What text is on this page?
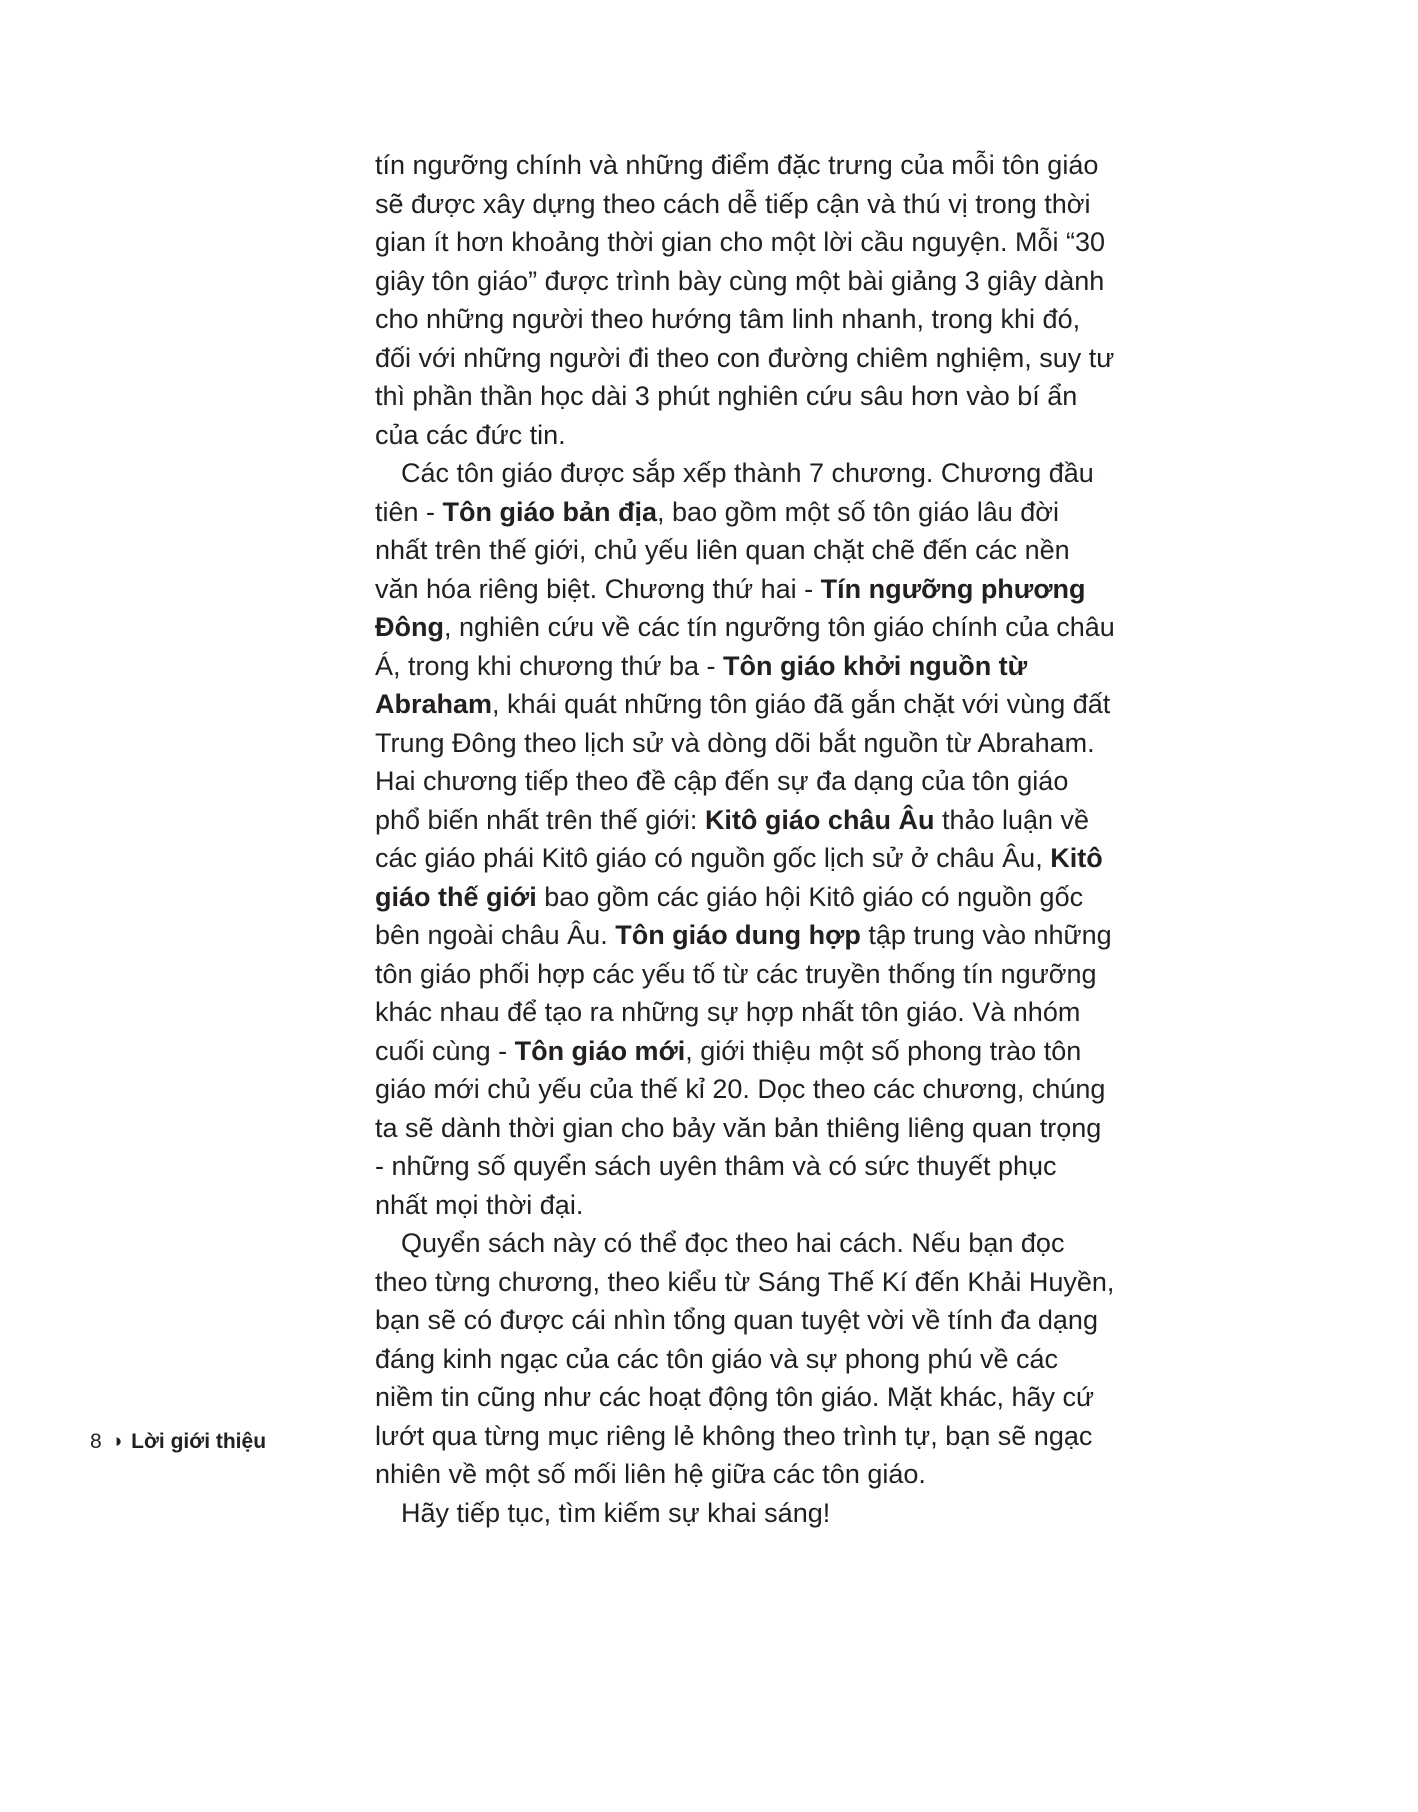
tín ngưỡng chính và những điểm đặc trưng của mỗi tôn giáo sẽ được xây dựng theo cách dễ tiếp cận và thú vị trong thời gian ít hơn khoảng thời gian cho một lời cầu nguyện. Mỗi “30 giây tôn giáo” được trình bày cùng một bài giảng 3 giây dành cho những người theo hướng tâm linh nhanh, trong khi đó, đối với những người đi theo con đường chiêm nghiệm, suy tư thì phần thần học dài 3 phút nghiên cứu sâu hơn vào bí ẩn của các đức tin.

Các tôn giáo được sắp xếp thành 7 chương. Chương đầu tiên - Tôn giáo bản địa, bao gồm một số tôn giáo lâu đời nhất trên thế giới, chủ yếu liên quan chặt chẽ đến các nền văn hóa riêng biệt. Chương thứ hai - Tín ngưỡng phương Đông, nghiên cứu về các tín ngưỡng tôn giáo chính của châu Á, trong khi chương thứ ba - Tôn giáo khởi nguồn từ Abraham, khái quát những tôn giáo đã gắn chặt với vùng đất Trung Đông theo lịch sử và dòng dõi bắt nguồn từ Abraham. Hai chương tiếp theo đề cập đến sự đa dạng của tôn giáo phổ biến nhất trên thế giới: Kitô giáo châu Âu thảo luận về các giáo phái Kitô giáo có nguồn gốc lịch sử ở châu Âu, Kitô giáo thế giới bao gồm các giáo hội Kitô giáo có nguồn gốc bên ngoài châu Âu. Tôn giáo dung hợp tập trung vào những tôn giáo phối hợp các yếu tố từ các truyền thống tín ngưỡng khác nhau để tạo ra những sự hợp nhất tôn giáo. Và nhóm cuối cùng - Tôn giáo mới, giới thiệu một số phong trào tôn giáo mới chủ yếu của thế kỉ 20. Dọc theo các chương, chúng ta sẽ dành thời gian cho bảy văn bản thiêng liêng quan trọng - những số quyển sách uyên thâm và có sức thuyết phục nhất mọi thời đại.

Quyển sách này có thể đọc theo hai cách. Nếu bạn đọc theo từng chương, theo kiểu từ Sáng Thế Kí đến Khải Huyền, bạn sẽ có được cái nhìn tổng quan tuyệt vời về tính đa dạng đáng kinh ngạc của các tôn giáo và sự phong phú về các niềm tin cũng như các hoạt động tôn giáo. Mặt khác, hãy cứ lướt qua từng mục riêng lẻ không theo trình tự, bạn sẽ ngạc nhiên về một số mối liên hệ giữa các tôn giáo.

Hãy tiếp tục, tìm kiếm sự khai sáng!

8 ◑ Lời giới thiệu
